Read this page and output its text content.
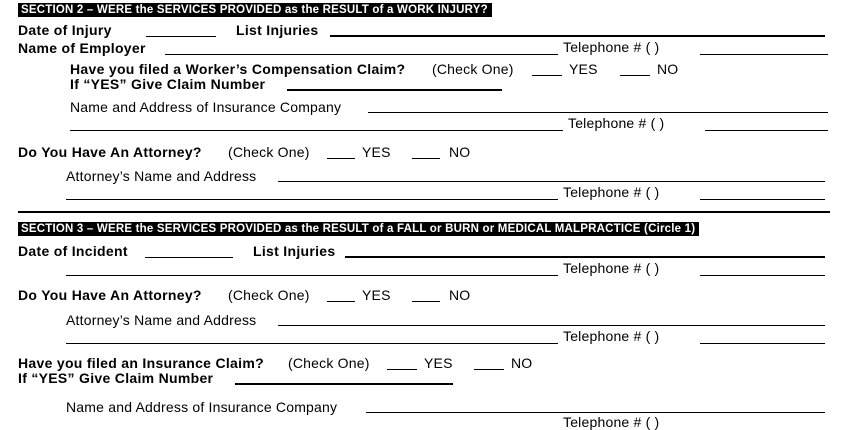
SECTION 2 – WERE the SERVICES PROVIDED as the RESULT of a WORK INJURY?
Date of Injury	List Injuries
Name of Employer	Telephone # ( )
Have you filed a Worker’s Compensation Claim? (Check One)	YES	NO
If “YES” Give Claim Number
Name and Address of Insurance Company
Telephone # ( )
Do You Have An Attorney? (Check One)	YES	NO
Attorney’s Name and Address
Telephone # ( )
SECTION 3 – WERE the SERVICES PROVIDED as the RESULT of a FALL or BURN or MEDICAL MALPRACTICE (Circle 1)
Date of Incident	List Injuries
Telephone # ( )
Do You Have An Attorney? (Check One)	YES	NO
Attorney’s Name and Address
Telephone # ( )
Have you filed an Insurance Claim? (Check One)	YES	NO
If “YES” Give Claim Number
Name and Address of Insurance Company
Telephone # ( )
